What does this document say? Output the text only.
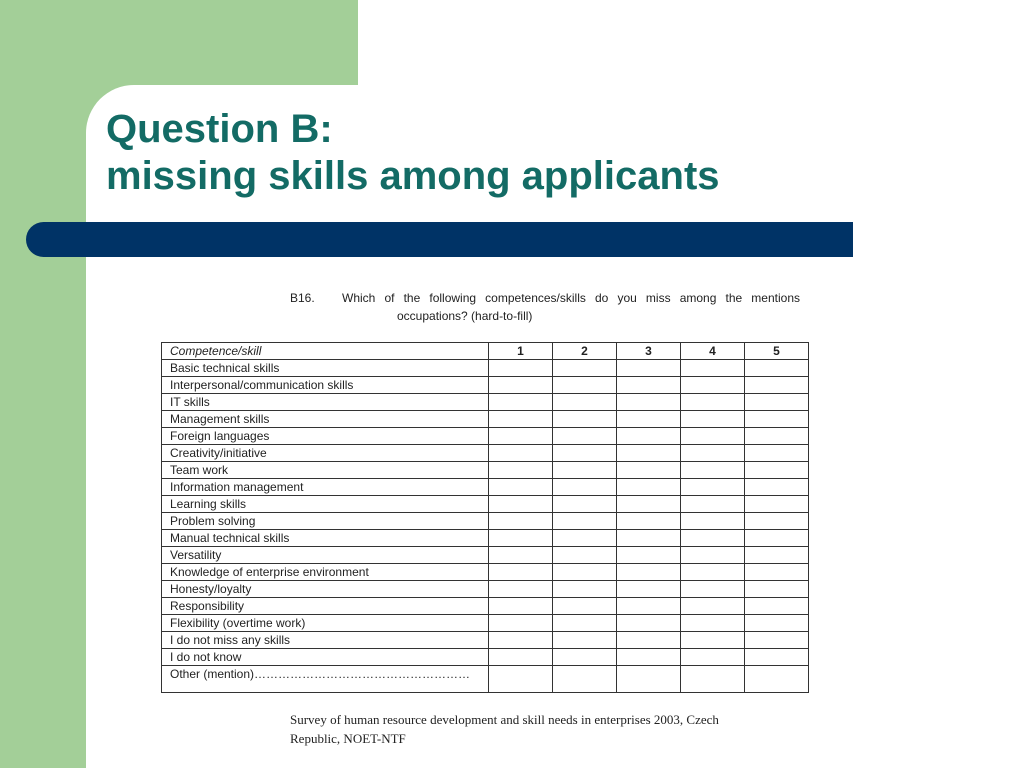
Question B:
missing skills among applicants
B16. Which of the following competences/skills do you miss among the mentions
occupations? (hard-to-fill)
Competence/skill	1	2	3	4	5
Basic technical skills					
Interpersonal/communication skills					
IT skills					
Management skills					
Foreign languages					
Creativity/initiative					
Team work					
Information management					
Learning skills					
Problem solving					
Manual technical skills					
Versatility					
Knowledge of enterprise environment					
Honesty/loyalty					
Responsibility					
Flexibility (overtime work)					
I do not miss any skills					
I do not know					
Other (mention)………………………………………………					
Survey of human resource development and skill needs in enterprises 2003, Czech
Republic, NOET-NTF
